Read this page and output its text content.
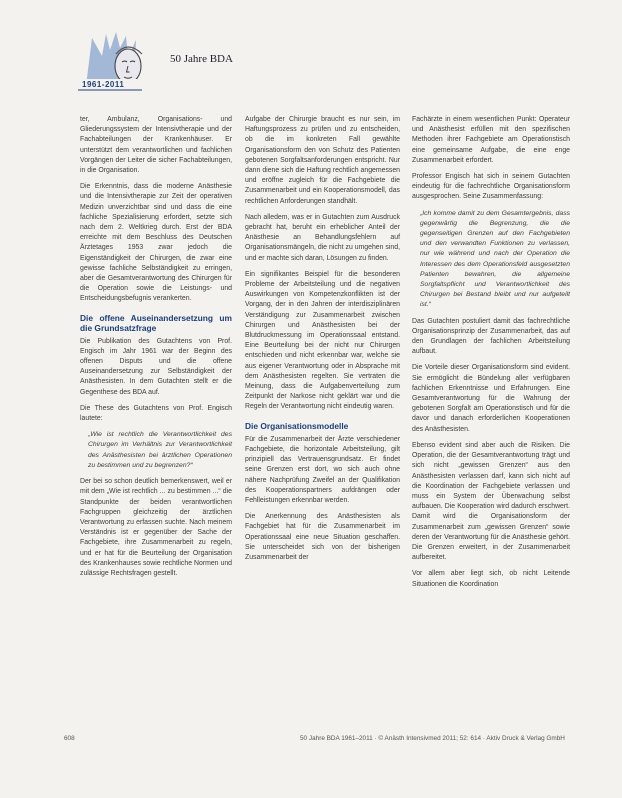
1961-2011
50 Jahre BDA

ter, Ambulanz, Organisations- und Gliederungssystem der Intensivtherapie und der Fachabteilungen der Krankenhäuser. Er unterstützt dem verantwortlichen und fachlichen Vorgängen der Leiter die sicher Fachabteilungen, in die Organisation.

Die Erkenntnis, dass die moderne Anästhesie und die Intensivtherapie zur Zeit der operativen Medizin unverzichtbar sind und dass die eine fachliche Spezialisierung erfordert, setzte sich nach dem 2. Weltkrieg durch. Erst der BDA erreichte mit dem Beschluss des Deutschen Ärztetages 1953 zwar jedoch die Eigenständigkeit der Chirurgen, die zwar eine gewisse fachliche Selbständigkeit zu erringen, aber die Gesamtverantwortung des Chirurgen für die Operation sowie die Leistungs- und Entscheidungsbefugnis verankerten.

Die offene Auseinandersetzung um die Grundsatzfrage

Die Publikation des Gutachtens von Prof. Engisch im Jahr 1961 war der Beginn des offenen Disputs und die offene Auseinandersetzung zur Selbständigkeit der Anästhesisten. In dem Gutachten stellt er die Gegenthese des BDA auf.

Die These des Gutachtens von Prof. Engisch lautete:

„Wie ist rechtlich die Verantwortlichkeit des Chirurgen im Verhältnis zur Verantwortlichkeit des Anästhesisten bei ärztlichen Operationen zu bestimmen und zu begrenzen?“

Der bei so schon deutlich bemerkenswert, weil er mit dem „Wie ist rechtlich ... zu bestimmen ...“ die Standpunkte der beiden verantwortlichen Fachgruppen gleichzeitig der ärztlichen Verantwortung zu erfassen suchte. Nach meinem Verständnis ist er gegenüber der Sache der Fachgebiete, ihre Zusammenarbeit zu regeln, und er hat für die Beurteilung der Organisation des Krankenhauses sowie rechtliche Normen und zulässige Rechtsfragen gestellt.

Aufgabe der Chirurgie braucht es nur sein, im Haftungsprozess zu prüfen und zu entscheiden, ob die im konkreten Fall gewählte Organisationsform den von Schutz des Patienten gebotenen Sorgfaltsanforderungen entspricht. Nur dann diene sich die Haftung rechtlich angemessen und eröffne zugleich für die Fachgebiete die Zusammenarbeit und ein Kooperationsmodell, das rechtlichen Anforderungen standhält.

Nach alledem, was er in Gutachten zum Ausdruck gebracht hat, beruht ein erheblicher Anteil der Anästhesie an Behandlungsfehlern auf Organisationsmängeln, die nicht zu umgehen sind, und er machte sich daran, Lösungen zu finden.

Ein signifikantes Beispiel für die besonderen Probleme der Arbeitsteilung und die negativen Auswirkungen von Kompetenzkonflikten ist der Vorgang, der in den Jahren der interdisziplinären Verständigung zur Zusammenarbeit zwischen Chirurgen und Anästhesisten bei der Blutdruckmessung im Operationssaal entstand. Eine Beurteilung bei der nicht nur Chirurgen entschieden und nicht erkennbar war, welche sie aus eigener Verantwortung oder in Absprache mit dem Anästhesisten regelten. Sie vertraten die Meinung, dass die Aufgabenverteilung zum Zeitpunkt der Narkose nicht geklärt war und die Regeln der Verantwortung nicht eindeutig waren.

Die Organisationsmodelle

Für die Zusammenarbeit der Ärzte verschiedener Fachgebiete, die horizontale Arbeitsteilung, gilt prinzipiell das Vertrauensgrundsatz. Er findet seine Grenzen erst dort, wo sich auch ohne nähere Nachprüfung Zweifel an der Qualifikation des Kooperationspartners aufdrängen oder Fehlleistungen erkennbar werden.

Die Anerkennung des Anästhesisten als Fachgebiet hat für die Zusammenarbeit im Operationssaal eine neue Situation geschaffen. Sie unterscheidet sich von der bisherigen Zusammenarbeit der

Fachärzte in einem wesentlichen Punkt: Operateur und Anästhesist erfüllen mit den spezifischen Methoden ihrer Fachgebiete am Operationstisch eine gemeinsame Aufgabe, die eine enge Zusammenarbeit erfordert.

Professor Engisch hat sich in seinem Gutachten eindeutig für die fachrechtliche Organisationsform ausgesprochen. Seine Zusammenfassung:

„Ich komme damit zu dem Gesamtergebnis, dass gegenwärtig die Begrenzung, die die gegenseitigen Grenzen auf den Fachgebieten und den verwandten Funktionen zu verlassen, nur wie während und nach der Operation die Interessen des dem Operationsfeld ausgesetzten Patienten bewahren, die allgemeine Sorgfaltspflicht und Verantwortlichkeit des Chirurgen bei Bestand bleibt und nur aufgeteilt ist.“

Das Gutachten postuliert damit das fachrechtliche Organisationsprinzip der Zusammenarbeit, das auf den Grundlagen der fachlichen Arbeitsteilung aufbaut.

Die Vorteile dieser Organisationsform sind evident. Sie ermöglicht die Bündelung aller verfügbaren fachlichen Erkenntnisse und Erfahrungen. Eine Gesamtverantwortung für die Wahrung der gebotenen Sorgfalt am Operationstisch und für die davor und danach erforderlichen Kooperationen des Anästhesisten.

Ebenso evident sind aber auch die Risiken. Die Operation, die der Gesamtverantwortung trägt und sich nicht „gewissen Grenzen“ aus den Anästhesisten verlassen darf, kann sich nicht auf die Koordination der Fachgebiete verlassen und muss ein System der Überwachung selbst aufbauen. Die Kooperation wird dadurch erschwert. Damit wird die Organisationsform der Zusammenarbeit zum „gewissen Grenzen“ sowie deren der Verantwortung für die Anästhesie gehört. Die Grenzen erweitert, in der Zusammenarbeit aufbereitet.

Vor allem aber liegt sich, ob nicht Leitende Situationen die Koordination

608	50 Jahre BDA 1961–2011 · © Anästh Intensivmed 2011; 52: 614 · Aktiv Druck & Verlag GmbH
